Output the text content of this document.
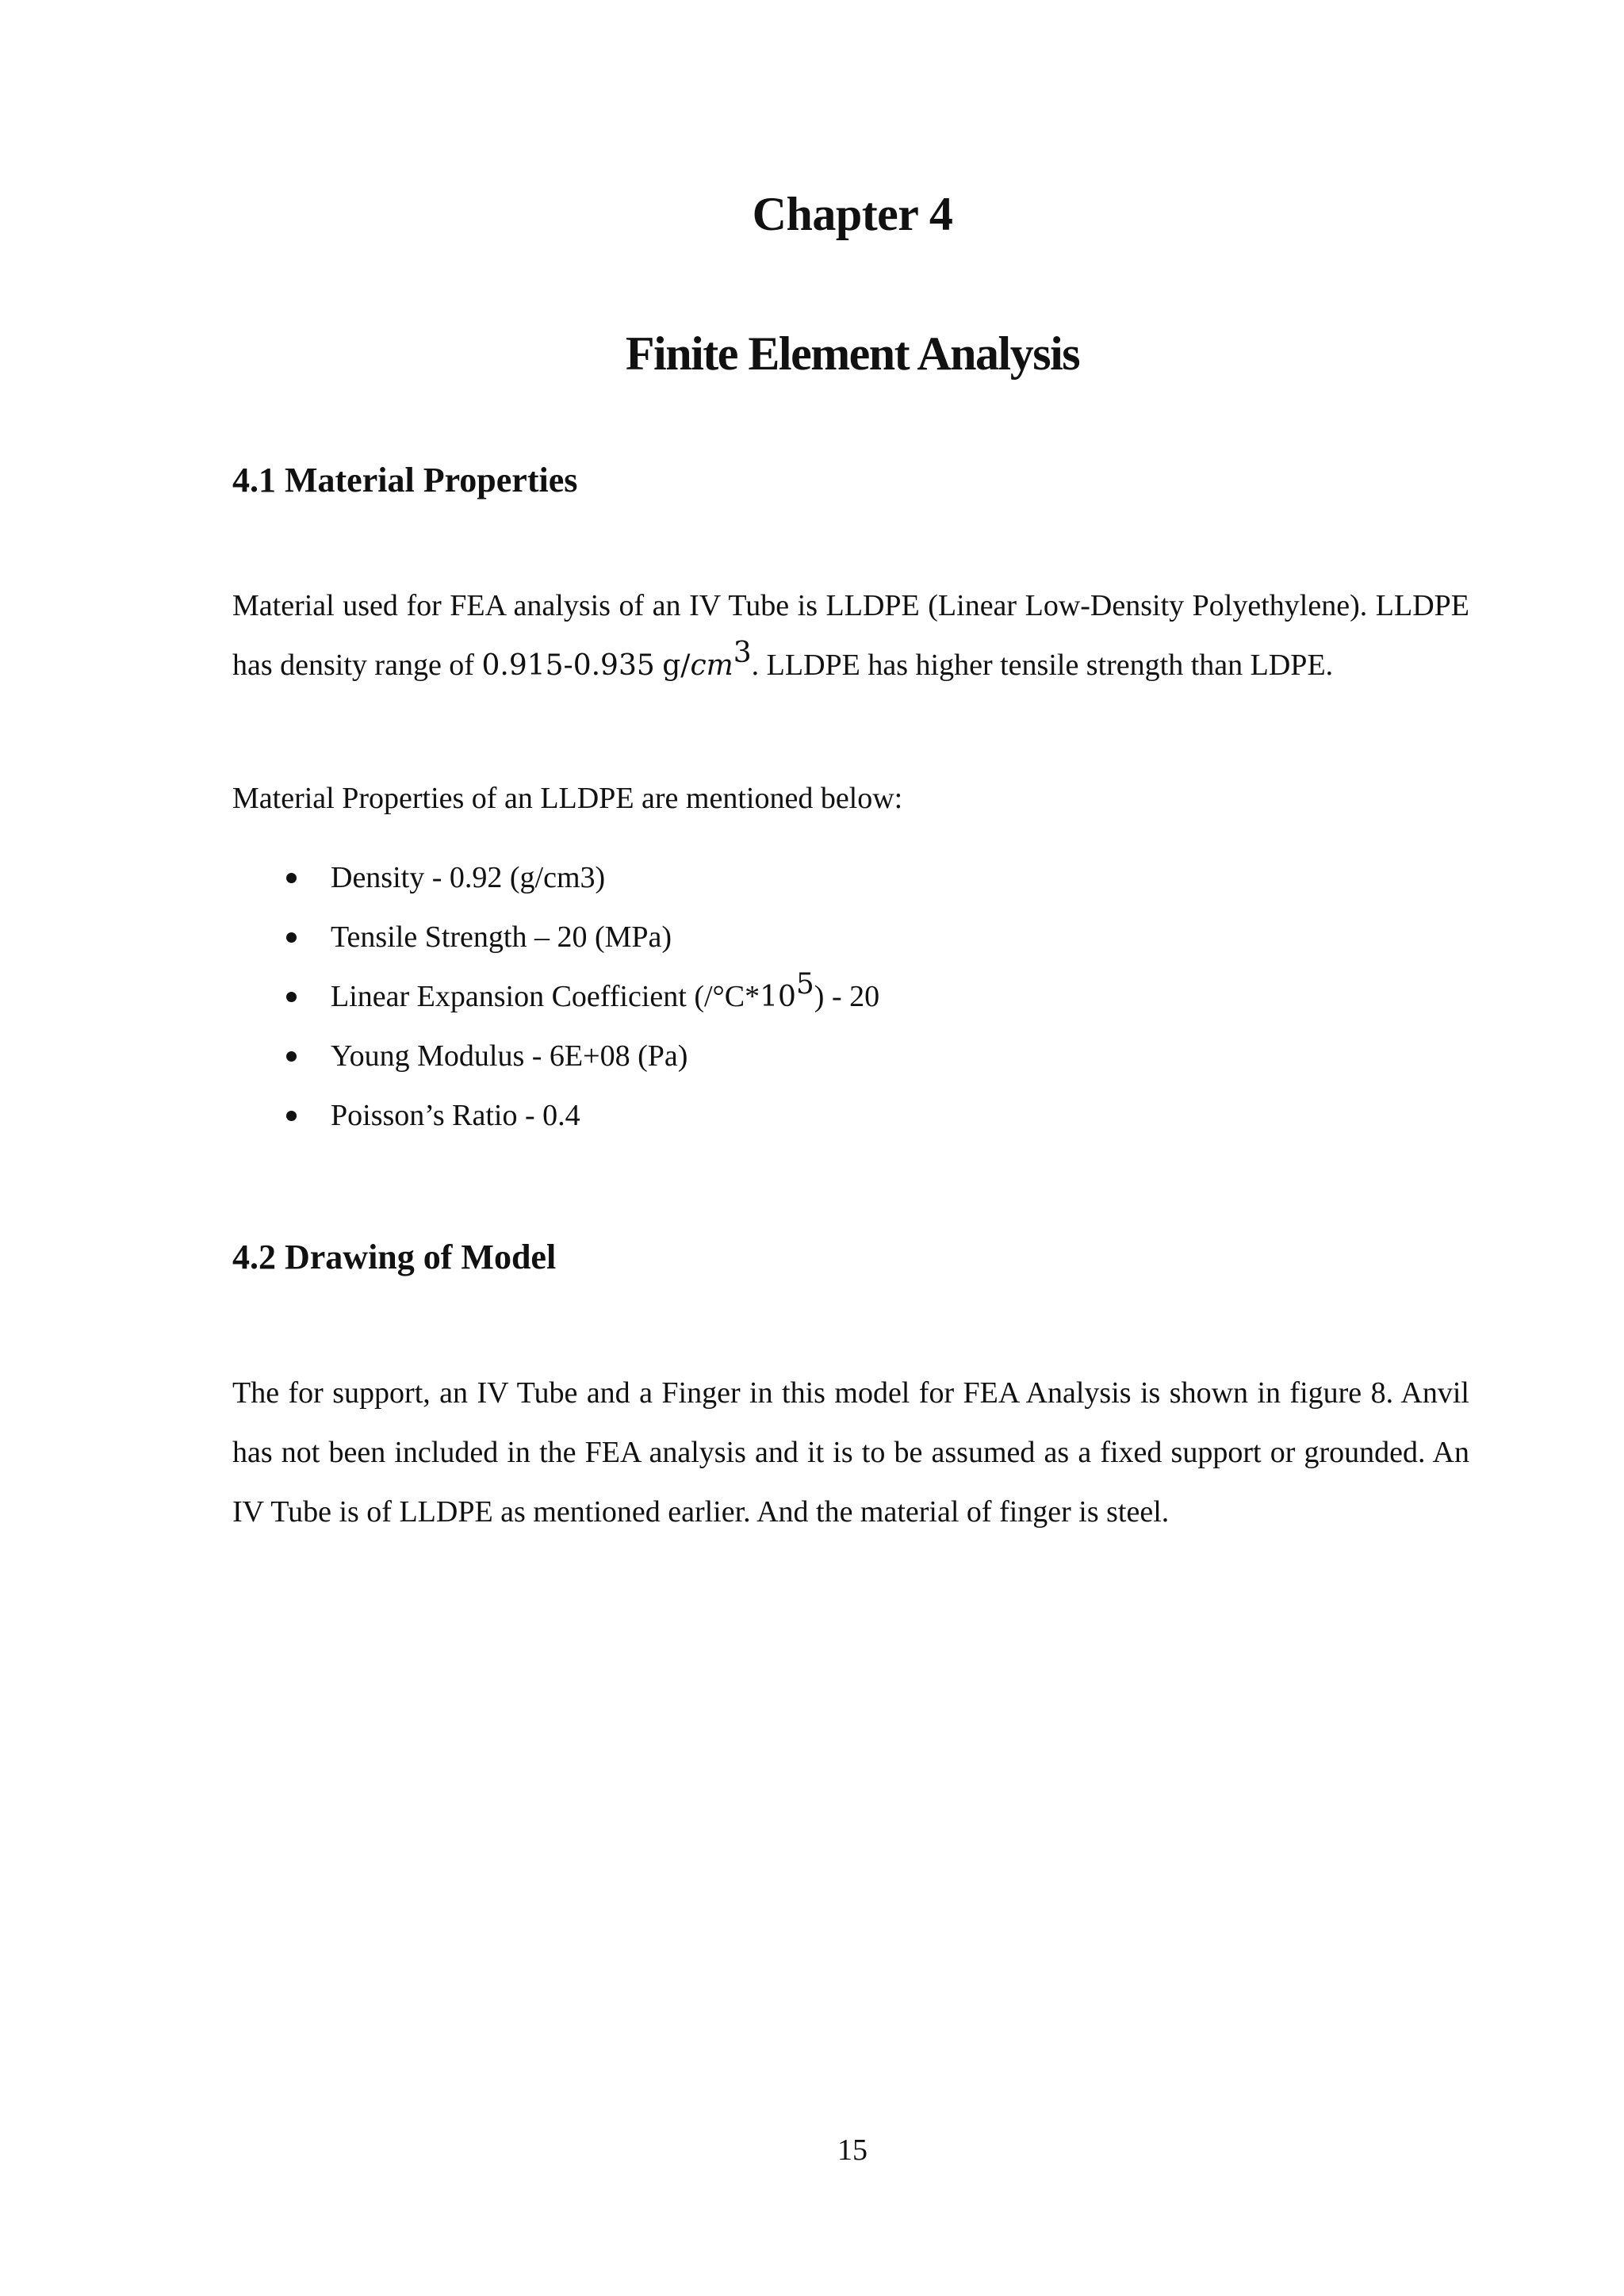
Chapter 4
Finite Element Analysis
4.1 Material Properties

Material used for FEA analysis of an IV Tube is LLDPE (Linear Low-Density Polyethylene). LLDPE has density range of 0.915-0.935 $g/cm^3$. LLDPE has higher tensile strength than LDPE.

Material Properties of an LLDPE are mentioned below:

Density - 0.92 (g/cm3)
Tensile Strength – 20 (MPa)
Linear Expansion Coefficient $(/^\circ C*10^5) - 20$
Young Modulus - 6E+08 (Pa)
Poisson’s Ratio - 0.4
4.2 Drawing of Model

The for support, an IV Tube and a Finger in this model for FEA Analysis is shown in figure 8. Anvil has not been included in the FEA analysis and it is to be assumed as a fixed support or grounded. An IV Tube is of LLDPE as mentioned earlier. And the material of finger is steel.

15
